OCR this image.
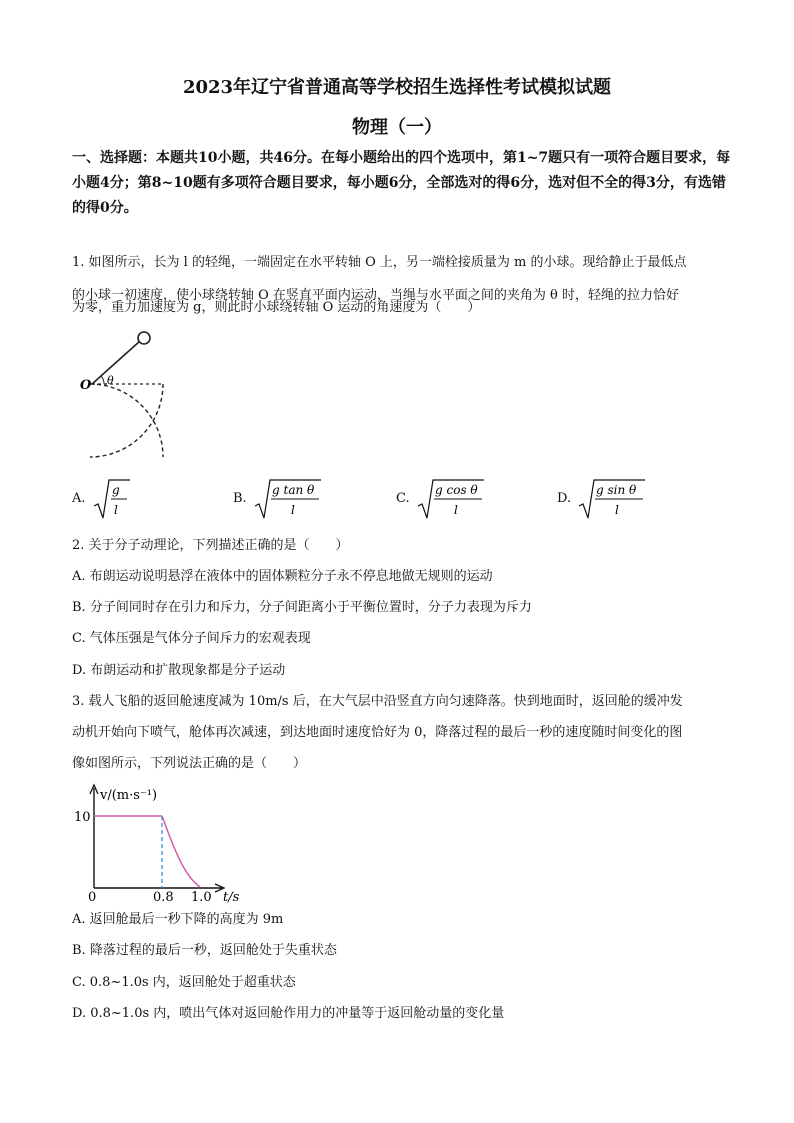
2023年辽宁省普通高等学校招生选择性考试模拟试题
物理（一）
一、选择题：本题共10小题，共46分。在每小题给出的四个选项中，第1~7题只有一项符合题目要求，每小题4分；第8~10题有多项符合题目要求，每小题6分，全部选对的得6分，选对但不全的得3分，有选错的得0分。
1. 如图所示，长为 l 的轻绳，一端固定在水平转轴 O 上，另一端栓接质量为 m 的小球。现给静止于最低点
的小球一初速度，使小球绕转轴 O 在竖直平面内运动，当绳与水平面之间的夹角为 θ 时，轻绳的拉力恰好
为零，重力加速度为 g，则此时小球绕转轴 O 运动的角速度为（　　）
O θ
A.
g
l
B.
g tan θ
l
C.
g cos θ
l
D.
g sin θ
l
2. 关于分子动理论，下列描述正确的是（　　）
A. 布朗运动说明悬浮在液体中的固体颗粒分子永不停息地做无规则的运动
B. 分子间同时存在引力和斥力，分子间距离小于平衡位置时，分子力表现为斥力
C. 气体压强是气体分子间斥力的宏观表现
D. 布朗运动和扩散现象都是分子运动
3. 载人飞船的返回舱速度减为 10m/s 后，在大气层中沿竖直方向匀速降落。快到地面时，返回舱的缓冲发
动机开始向下喷气，舱体再次减速，到达地面时速度恰好为 0，降落过程的最后一秒的速度随时间变化的图
像如图所示，下列说法正确的是（　　）
v/(m·s⁻¹)
10
0	0.8 1.0 t/s
A. 返回舱最后一秒下降的高度为 9m
B. 降落过程的最后一秒，返回舱处于失重状态
C. 0.8~1.0s 内，返回舱处于超重状态
D. 0.8~1.0s 内，喷出气体对返回舱作用力的冲量等于返回舱动量的变化量
